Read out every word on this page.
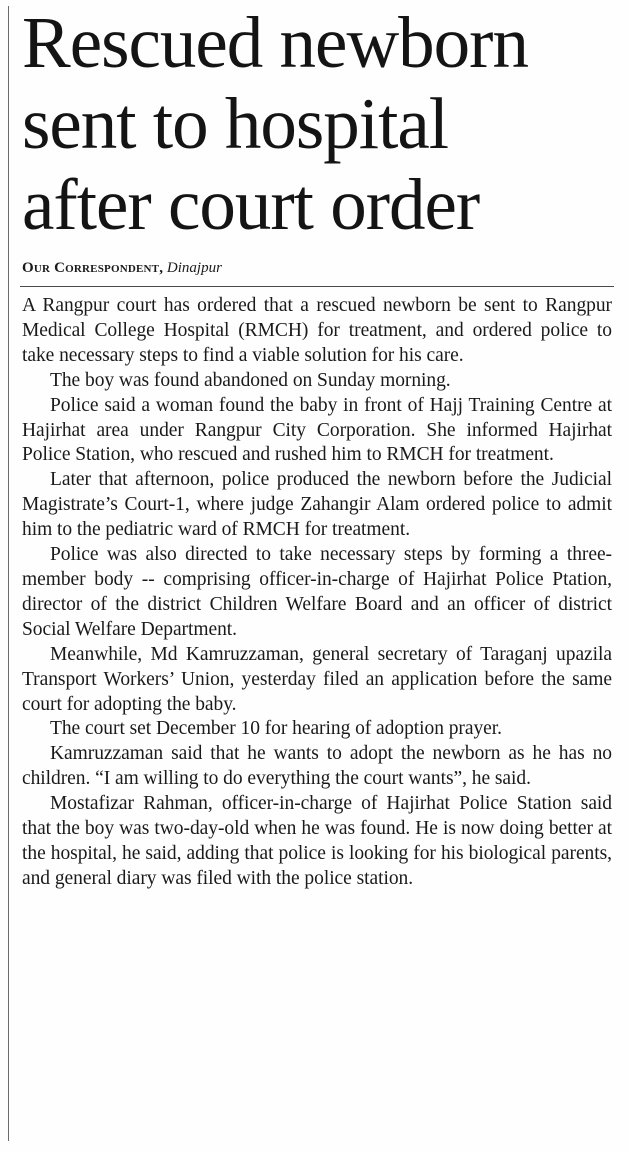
Rescued newborn
sent to hospital
after court order
Our Correspondent, Dinajpur

A Rangpur court has ordered that a rescued newborn be sent to Rangpur Medical College Hospital (RMCH) for treatment, and ordered police to take necessary steps to find a viable solution for his care.

The boy was found abandoned on Sunday morning.

Police said a woman found the baby in front of Hajj Training Centre at Hajirhat area under Rangpur City Corporation. She informed Hajirhat Police Station, who rescued and rushed him to RMCH for treatment.

Later that afternoon, police produced the newborn before the Judicial Magistrate’s Court-1, where judge Zahangir Alam ordered police to admit him to the pediatric ward of RMCH for treatment.

Police was also directed to take necessary steps by forming a three-member body -- comprising officer-in-charge of Hajirhat Police Ptation, director of the district Children Welfare Board and an officer of district Social Welfare Department.

Meanwhile, Md Kamruzzaman, general secretary of Taraganj upazila Transport Workers’ Union, yesterday filed an application before the same court for adopting the baby.

The court set December 10 for hearing of adoption prayer.

Kamruzzaman said that he wants to adopt the newborn as he has no children. “I am willing to do everything the court wants”, he said.

Mostafizar Rahman, officer-in-charge of Hajirhat Police Station said that the boy was two-day-old when he was found. He is now doing better at the hospital, he said, adding that police is looking for his biological parents, and general diary was filed with the police station.
